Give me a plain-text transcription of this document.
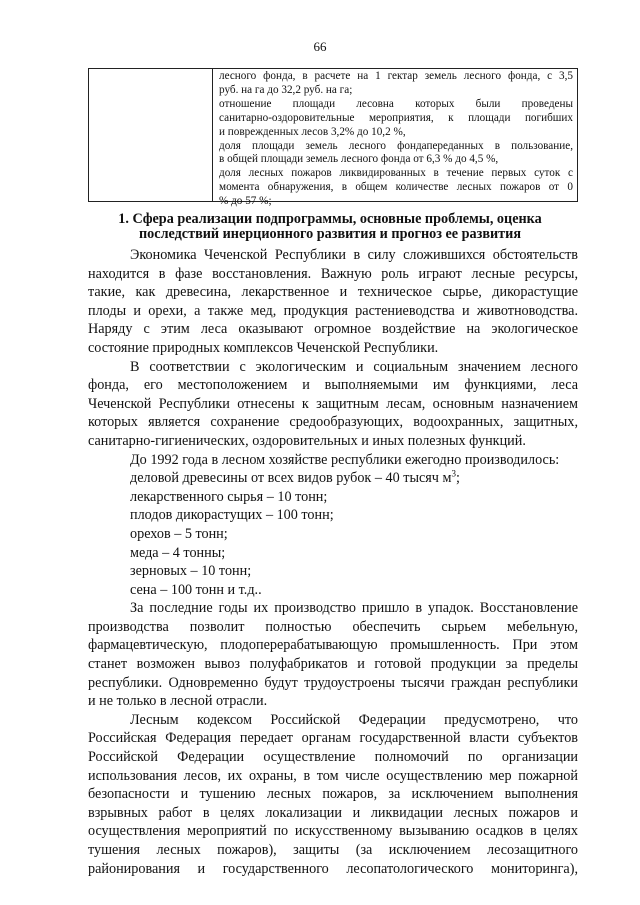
66
лесного фонда, в расчете на 1 гектар земель лесного фонда, с 3,5
руб. на га до 32,2 руб. на га;
отношение площади лесовна которых были проведены
санитарно-оздоровительные мероприятия, к площади погибших
и поврежденных лесов 3,2% до 10,2 %,
доля площади земель лесного фондапереданных в пользование,
в общей площади земель лесного фонда от 6,3 % до 4,5 %,
доля лесных пожаров ликвидированных в течение первых суток с
момента обнаружения, в общем количестве лесных пожаров от 0
% до 57 %;
1. Сфера реализации подпрограммы, основные проблемы, оценка
последствий инерционного развития и прогноз ее развития
Экономика Чеченской Республики в силу сложившихся обстоятельств
находится в фазе восстановления. Важную роль играют лесные ресурсы,
такие, как древесина, лекарственное и техническое сырье, дикорастущие
плоды и орехи, а также мед, продукция растениеводства и животноводства.
Наряду с этим леса оказывают огромное воздействие на экологическое
состояние природных комплексов Чеченской Республики.
В соответствии с экологическим и социальным значением лесного
фонда, его местоположением и выполняемыми им функциями, леса
Чеченской Республики отнесены к защитным лесам, основным назначением
которых является сохранение средообразующих, водоохранных, защитных,
санитарно-гигиенических, оздоровительных и иных полезных функций.
До 1992 года в лесном хозяйстве республики ежегодно производилось:
деловой древесины от всех видов рубок – 40 тысяч $м^3$;
лекарственного сырья – 10 тонн;
плодов дикорастущих – 100 тонн;
орехов – 5 тонн;
меда – 4 тонны;
зерновых – 10 тонн;
сена – 100 тонн и т.д..
За последние годы их производство пришло в упадок. Восстановление
производства позволит полностью обеспечить сырьем мебельную,
фармацевтическую, плодоперерабатывающую промышленность. При этом
станет возможен вывоз полуфабрикатов и готовой продукции за пределы
республики. Одновременно будут трудоустроены тысячи граждан республики
и не только в лесной отрасли.
Лесным кодексом Российской Федерации предусмотрено, что
Российская Федерация передает органам государственной власти субъектов
Российской Федерации осуществление полномочий по организации
использования лесов, их охраны, в том числе осуществлению мер пожарной
безопасности и тушению лесных пожаров, за исключением выполнения
взрывных работ в целях локализации и ликвидации лесных пожаров и
осуществления мероприятий по искусственному вызыванию осадков в целях
тушения лесных пожаров), защиты (за исключением лесозащитного
районирования и государственного лесопатологического мониторинга),
